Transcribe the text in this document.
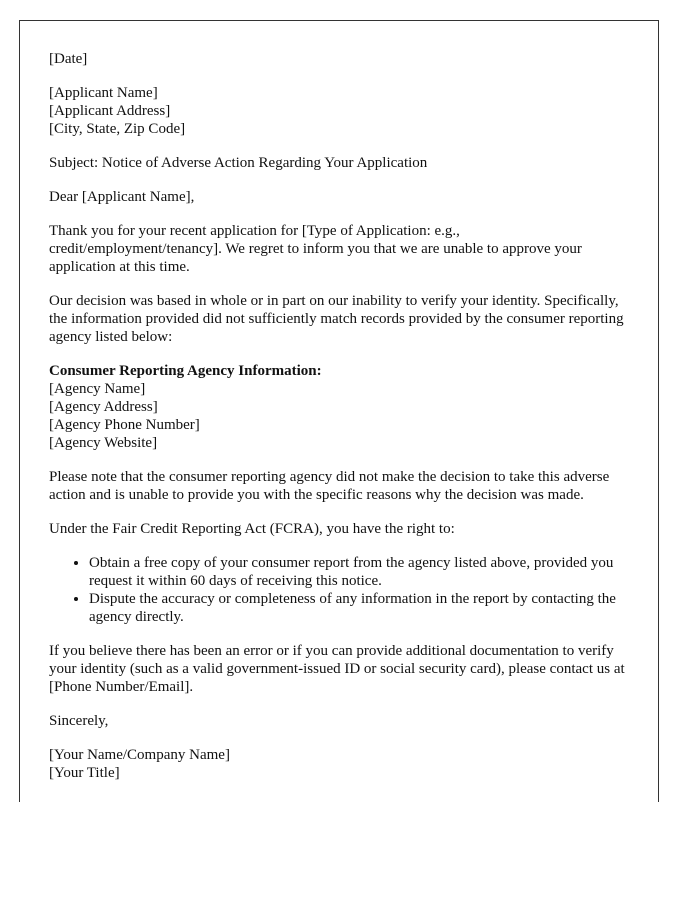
[Date]

[Applicant Name]
[Applicant Address]
[City, State, Zip Code]

Subject: Notice of Adverse Action Regarding Your Application

Dear [Applicant Name],

Thank you for your recent application for [Type of Application: e.g., credit/employment/tenancy]. We regret to inform you that we are unable to approve your application at this time.

Our decision was based in whole or in part on our inability to verify your identity. Specifically, the information provided did not sufficiently match records provided by the consumer reporting agency listed below:

Consumer Reporting Agency Information:
[Agency Name]
[Agency Address]
[Agency Phone Number]
[Agency Website]

Please note that the consumer reporting agency did not make the decision to take this adverse action and is unable to provide you with the specific reasons why the decision was made.

Under the Fair Credit Reporting Act (FCRA), you have the right to:

• Obtain a free copy of your consumer report from the agency listed above, provided you request it within 60 days of receiving this notice.
• Dispute the accuracy or completeness of any information in the report by contacting the agency directly.

If you believe there has been an error or if you can provide additional documentation to verify your identity (such as a valid government-issued ID or social security card), please contact us at [Phone Number/Email].

Sincerely,

[Your Name/Company Name]
[Your Title]
